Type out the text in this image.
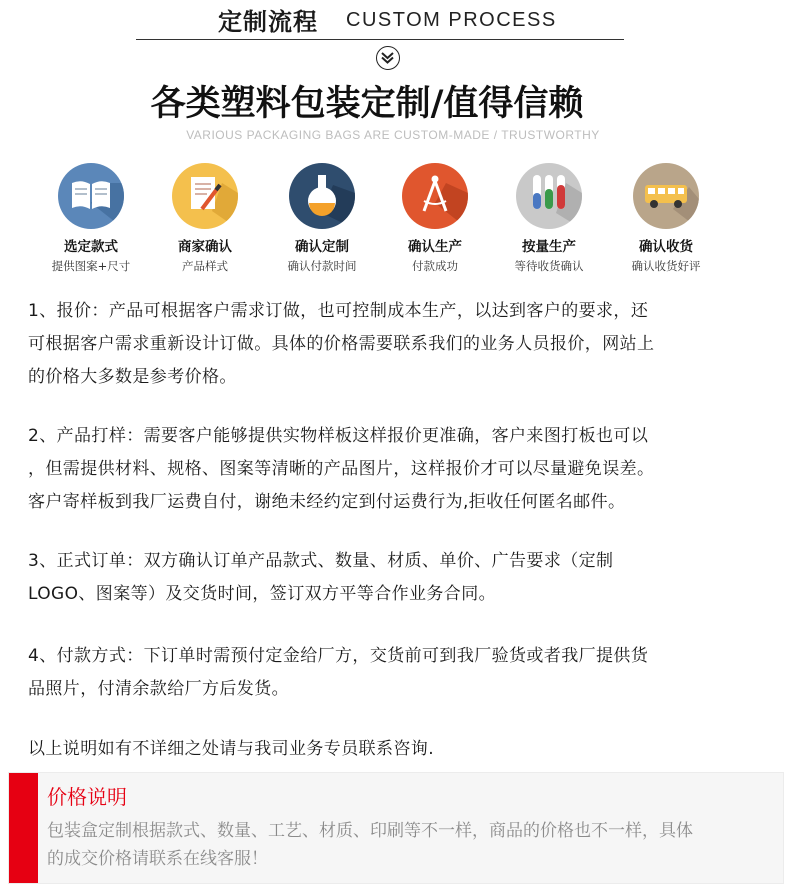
定制流程 CUSTOM PROCESS
各类塑料包装定制/值得信赖
VARIOUS PACKAGING BAGS ARE CUSTOM-MADE / TRUSTWORTHY
选定款式
提供图案+尺寸
商家确认
产品样式
确认定制
确认付款时间
确认生产
付款成功
按量生产
等待收货确认
确认收货
确认收货好评
1、报价：产品可根据客户需求订做，也可控制成本生产，以达到客户的要求，还
可根据客户需求重新设计订做。具体的价格需要联系我们的业务人员报价，网站上
的价格大多数是参考价格。
2、产品打样：需要客户能够提供实物样板这样报价更准确，客户来图打板也可以
，但需提供材料、规格、图案等清晰的产品图片，这样报价才可以尽量避免误差。
客户寄样板到我厂运费自付，谢绝未经约定到付运费行为,拒收任何匿名邮件。
3、正式订单：双方确认订单产品款式、数量、材质、单价、广告要求（定制
LOGO、图案等）及交货时间，签订双方平等合作业务合同。
4、付款方式：下订单时需预付定金给厂方，交货前可到我厂验货或者我厂提供货
品照片，付清余款给厂方后发货。
以上说明如有不详细之处请与我司业务专员联系咨询.
价格说明
包装盒定制根据款式、数量、工艺、材质、印刷等不一样，商品的价格也不一样，具体
的成交价格请联系在线客服！
